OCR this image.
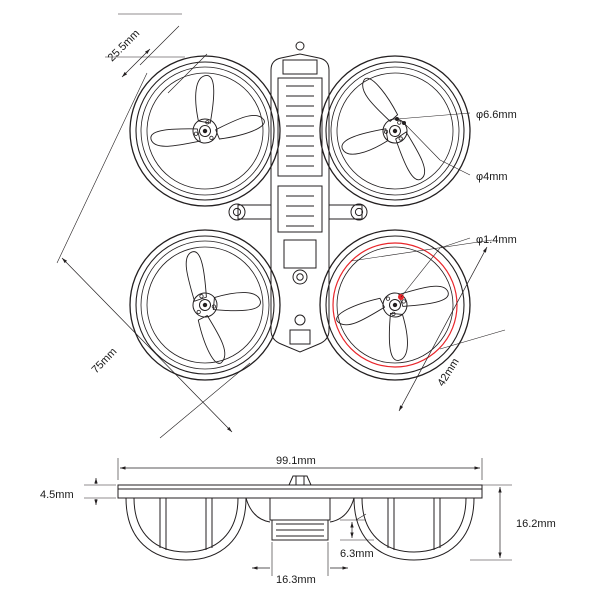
25.5mm
75mm	42mm
φ6.6mm
φ4mm
φ1.4mm
99.1mm
4.5mm
16.2mm
16.3mm
6.3mm
